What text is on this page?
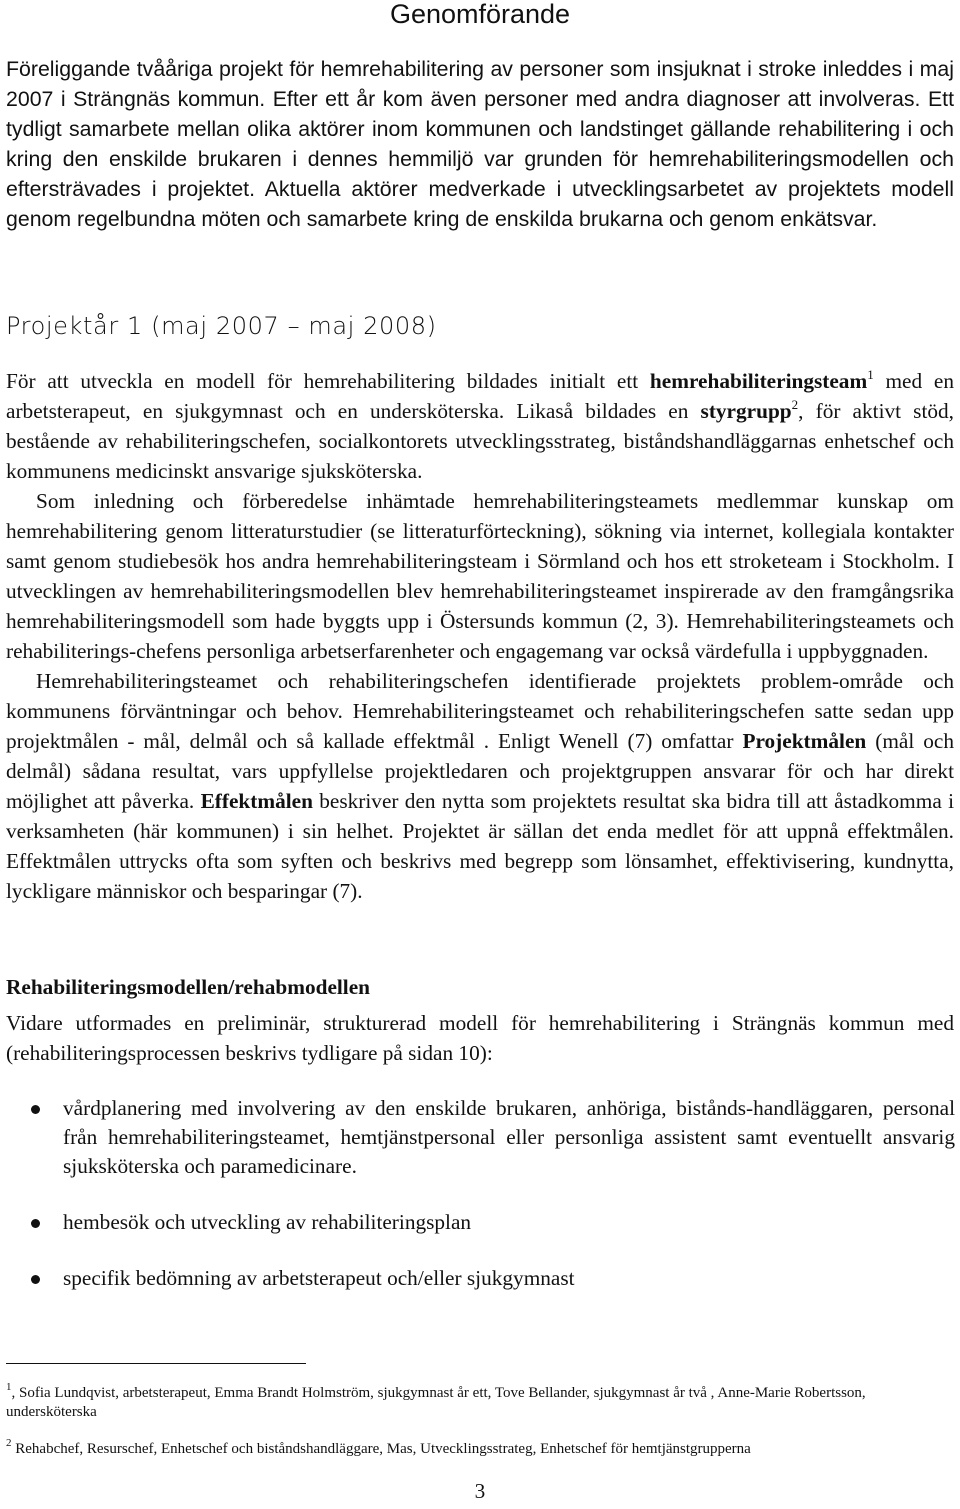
Genomförande
Föreliggande tvååriga projekt för hemrehabilitering av personer som insjuknat i stroke inleddes i maj 2007 i Strängnäs kommun. Efter ett år kom även personer med andra diagnoser att involveras. Ett tydligt samarbete mellan olika aktörer inom kommunen och landstinget gällande rehabilitering i och kring den enskilde brukaren i dennes hemmiljö var grunden för hemrehabiliteringsmodellen och eftersträvades i projektet. Aktuella aktörer medverkade i utvecklingsarbetet av projektets modell genom regelbundna möten och samarbete kring de enskilda brukarna och genom enkätsvar.
Projektår 1 (maj 2007 – maj 2008)

För att utveckla en modell för hemrehabilitering bildades initialt ett hemrehabiliteringsteam$^1$ med en arbetsterapeut, en sjukgymnast och en undersköterska. Likaså bildades en styrgrupp$^2$, för aktivt stöd, bestående av rehabiliteringschefen, socialkontorets utvecklingsstrateg, biståndshandläggarnas enhetschef och kommunens medicinskt ansvarige sjuksköterska.

Som inledning och förberedelse inhämtade hemrehabiliteringsteamets medlemmar kunskap om hemrehabilitering genom litteraturstudier (se litteraturförteckning), sökning via internet, kollegiala kontakter samt genom studiebesök hos andra hemrehabiliteringsteam i Sörmland och hos ett stroketeam i Stockholm. I utvecklingen av hemrehabiliteringsmodellen blev hemrehabiliteringsteamet inspirerade av den framgångsrika hemrehabiliteringsmodell som hade byggts upp i Östersunds kommun (2, 3). Hemrehabiliteringsteamets och rehabiliterings-chefens personliga arbetserfarenheter och engagemang var också värdefulla i uppbyggnaden.

Hemrehabiliteringsteamet och rehabiliteringschefen identifierade projektets problem-område och kommunens förväntningar och behov. Hemrehabiliteringsteamet och rehabiliteringschefen satte sedan upp projektmålen - mål, delmål och så kallade effektmål . Enligt Wenell (7) omfattar Projektmålen (mål och delmål) sådana resultat, vars uppfyllelse projektledaren och projektgruppen ansvarar för och har direkt möjlighet att påverka. Effektmålen beskriver den nytta som projektets resultat ska bidra till att åstadkomma i verksamheten (här kommunen) i sin helhet. Projektet är sällan det enda medlet för att uppnå effektmålen. Effektmålen uttrycks ofta som syften och beskrivs med begrepp som lönsamhet, effektivisering, kundnytta, lyckligare människor och besparingar (7).

Rehabiliteringsmodellen/rehabmodellen

Vidare utformades en preliminär, strukturerad modell för hemrehabilitering i Strängnäs kommun med (rehabiliteringsprocessen beskrivs tydligare på sidan 10):

vårdplanering med involvering av den enskilde brukaren, anhöriga, bistånds-handläggaren, personal från hemrehabiliteringsteamet, hemtjänstpersonal eller personliga assistent samt eventuellt ansvarig sjuksköterska och paramedicinare.
hembesök och utveckling av rehabiliteringsplan
specifik bedömning av arbetsterapeut och/eller sjukgymnast
$^1$, Sofia Lundqvist, arbetsterapeut, Emma Brandt Holmström, sjukgymnast år ett, Tove Bellander, sjukgymnast år två , Anne-Marie Robertsson, undersköterska
$^2$ Rehabchef, Resurschef, Enhetschef och biståndshandläggare, Mas, Utvecklingsstrateg, Enhetschef för hemtjänstgrupperna
3
